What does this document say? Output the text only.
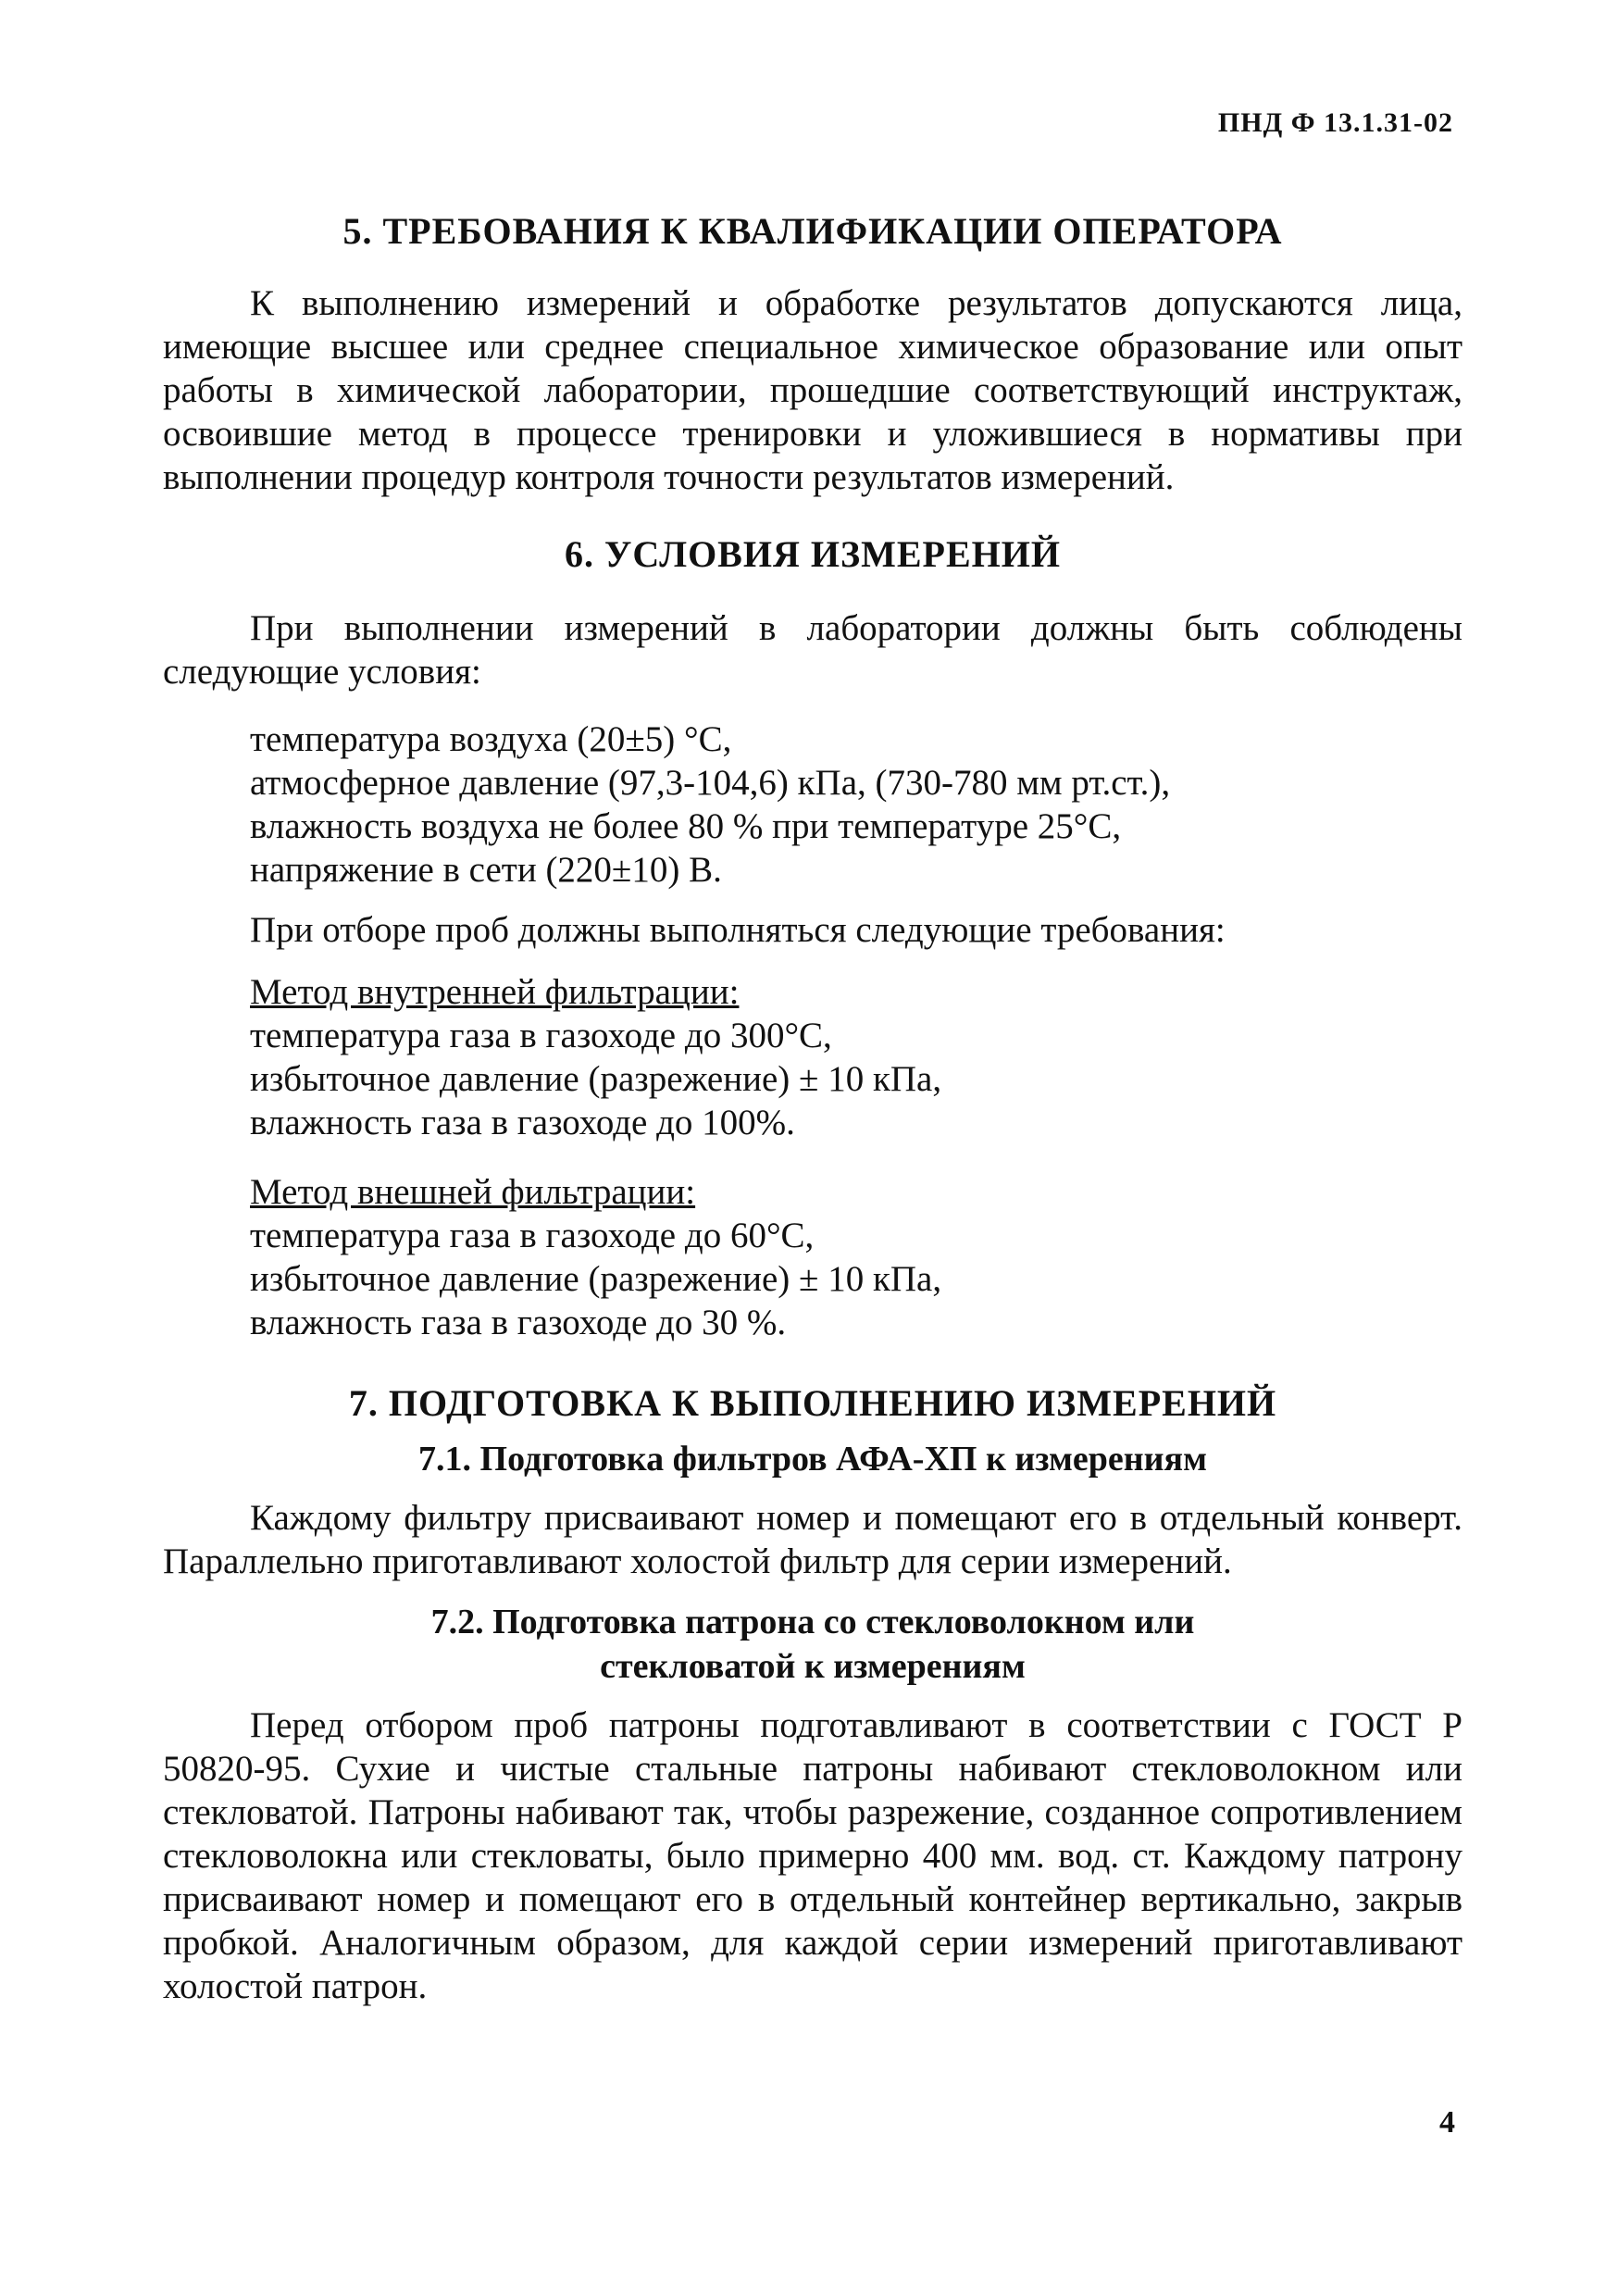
ПНД Ф 13.1.31-02
5. ТРЕБОВАНИЯ К КВАЛИФИКАЦИИ ОПЕРАТОРА

К выполнению измерений и обработке результатов допускаются лица, имеющие высшее или среднее специальное химическое образование или опыт работы в химической лаборатории, прошедшие соответствующий инструктаж, освоившие метод в процессе тренировки и уложившиеся в нормативы при выполнении процедур контроля точности результатов измерений.

6. УСЛОВИЯ ИЗМЕРЕНИЙ

При выполнении измерений в лаборатории должны быть соблюдены следующие условия:

температура воздуха (20±5) °С,
атмосферное давление (97,3-104,6) кПа, (730-780 мм рт.ст.),
влажность воздуха не более 80 % при температуре 25°С,
напряжение в сети (220±10) В.

При отборе проб должны выполняться следующие требования:

Метод внутренней фильтрации:
температура газа в газоходе до 300°С,
избыточное давление (разрежение) ± 10 кПа,
влажность газа в газоходе до 100%.
Метод внешней фильтрации:
температура газа в газоходе до 60°С,
избыточное давление (разрежение) ± 10 кПа,
влажность газа в газоходе до 30 %.
7. ПОДГОТОВКА К ВЫПОЛНЕНИЮ ИЗМЕРЕНИЙ
7.1. Подготовка фильтров АФА-ХП к измерениям

Каждому фильтру присваивают номер и помещают его в отдельный конверт. Параллельно приготавливают холостой фильтр для серии измерений.

7.2. Подготовка патрона со стекловолокном или
стекловатой к измерениям

Перед отбором проб патроны подготавливают в соответствии с ГОСТ Р 50820-95. Сухие и чистые стальные патроны набивают стекловолокном или стекловатой. Патроны набивают так, чтобы разрежение, созданное сопротивлением стекловолокна или стекловаты, было примерно 400 мм. вод. ст. Каждому патрону присваивают номер и помещают его в отдельный контейнер вертикально, закрыв пробкой. Аналогичным образом, для каждой серии измерений приготавливают холостой патрон.

4
